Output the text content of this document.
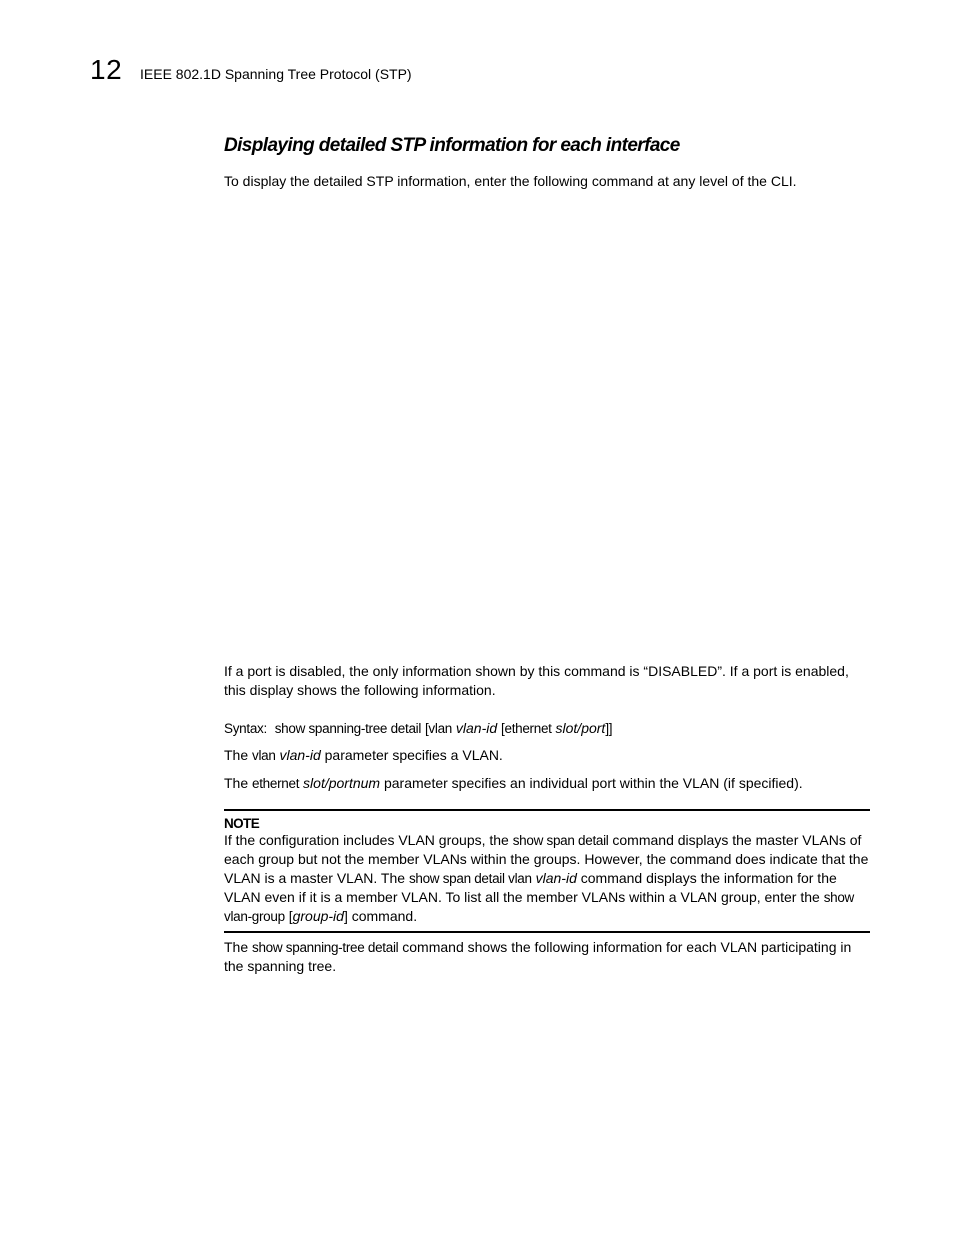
12 IEEE 802.1D Spanning Tree Protocol (STP)
Displaying detailed STP information for each interface
To display the detailed STP information, enter the following command at any level of the CLI.
If a port is disabled, the only information shown by this command is “DISABLED”. If a port is enabled, this display shows the following information.
Syntax: show spanning-tree detail [vlan vlan-id [ethernet slot/port]]
The vlan vlan-id parameter specifies a VLAN.
The ethernet slot/portnum parameter specifies an individual port within the VLAN (if specified).
NOTE
If the configuration includes VLAN groups, the show span detail command displays the master VLANs of each group but not the member VLANs within the groups. However, the command does indicate that the VLAN is a master VLAN. The show span detail vlan vlan-id command displays the information for the VLAN even if it is a member VLAN. To list all the member VLANs within a VLAN group, enter the show vlan-group [group-id] command.
The show spanning-tree detail command shows the following information for each VLAN participating in the spanning tree.
